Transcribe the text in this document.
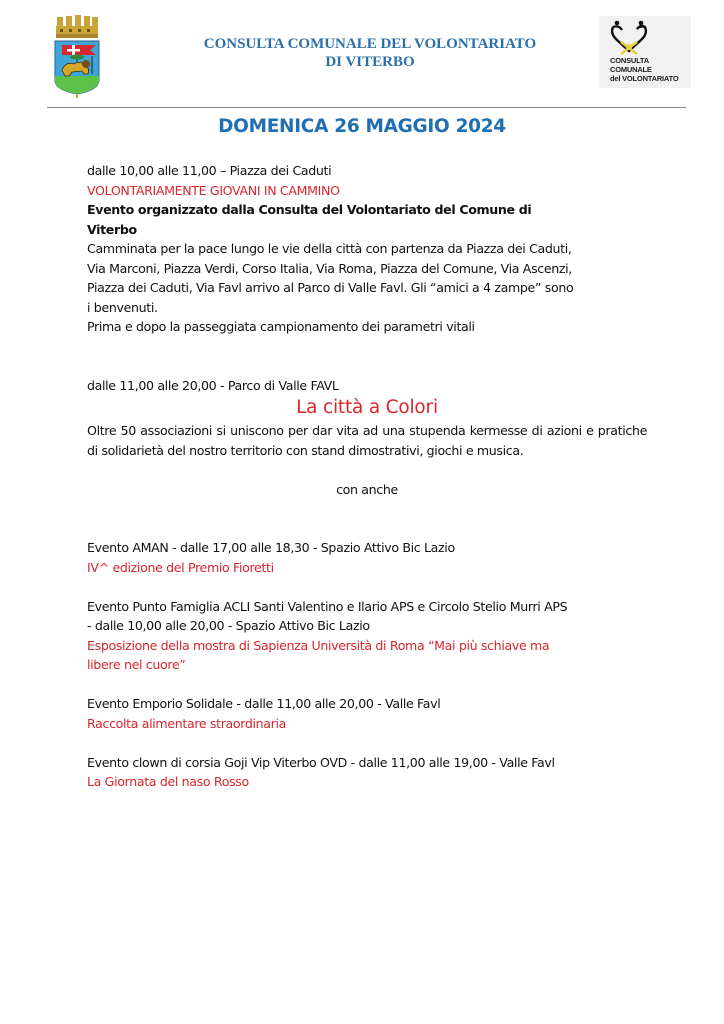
CONSULTA COMUNALE DEL VOLONTARIATO
DI VITERBO	CONSULTA COMUNALE
del VOLONTARIATO
DOMENICA 26 MAGGIO 2024
dalle 10,00 alle 11,00 – Piazza dei Caduti
VOLONTARIAMENTE GIOVANI IN CAMMINO
Evento organizzato dalla Consulta del Volontariato del Comune di
Viterbo
Camminata per la pace lungo le vie della città con partenza da Piazza dei Caduti,
Via Marconi, Piazza Verdi, Corso Italia, Via Roma, Piazza del Comune, Via Ascenzi,
Piazza dei Caduti, Via Favl arrivo al Parco di Valle Favl. Gli “amici a 4 zampe” sono
i benvenuti.
Prima e dopo la passeggiata campionamento dei parametri vitali
dalle 11,00 alle 20,00 - Parco di Valle FAVL
La città a Colori
Oltre 50 associazioni si uniscono per dar vita ad una stupenda kermesse di azioni e pratiche di solidarietà del nostro territorio con stand dimostrativi, giochi e musica.
con anche
Evento AMAN - dalle 17,00 alle 18,30 - Spazio Attivo Bic Lazio
IV^ edizione del Premio Fioretti
Evento Punto Famiglia ACLI Santi Valentino e Ilario APS e Circolo Stelio Murri APS
- dalle 10,00 alle 20,00 - Spazio Attivo Bic Lazio
Esposizione della mostra di Sapienza Università di Roma “Mai più schiave ma
libere nel cuore”
Evento Emporio Solidale - dalle 11,00 alle 20,00 - Valle Favl
Raccolta alimentare straordinaria
Evento clown di corsia Goji Vip Viterbo OVD - dalle 11,00 alle 19,00 - Valle Favl
La Giornata del naso Rosso
